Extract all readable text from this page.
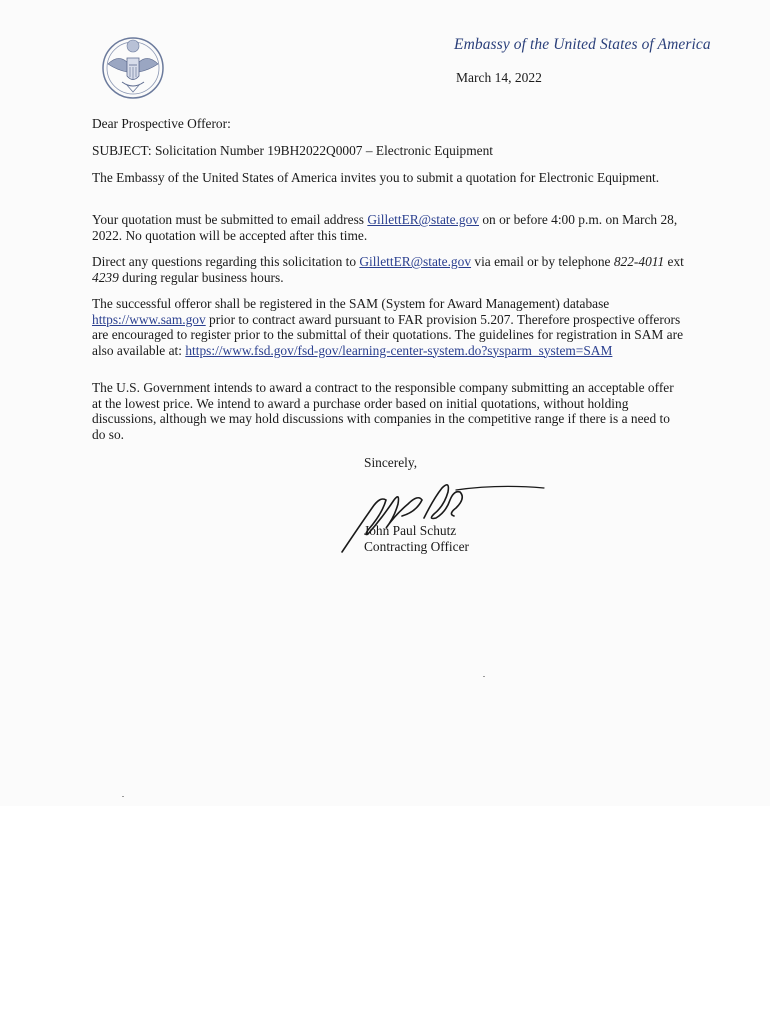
Embassy of the United States of America
March 14, 2022
Dear Prospective Offeror:
SUBJECT: Solicitation Number 19BH2022Q0007 – Electronic Equipment
The Embassy of the United States of America invites you to submit a quotation for Electronic Equipment.
Your quotation must be submitted to email address GillettER@state.gov on or before 4:00 p.m. on March 28, 2022. No quotation will be accepted after this time.
Direct any questions regarding this solicitation to GillettER@state.gov via email or by telephone 822-4011 ext 4239 during regular business hours.
The successful offeror shall be registered in the SAM (System for Award Management) database https://www.sam.gov prior to contract award pursuant to FAR provision 5.207. Therefore prospective offerors are encouraged to register prior to the submittal of their quotations. The guidelines for registration in SAM are also available at: https://www.fsd.gov/fsd-gov/learning-center-system.do?sysparm_system=SAM
The U.S. Government intends to award a contract to the responsible company submitting an acceptable offer at the lowest price. We intend to award a purchase order based on initial quotations, without holding discussions, although we may hold discussions with companies in the competitive range if there is a need to do so.
Sincerely,
John Paul Schutz
Contracting Officer
